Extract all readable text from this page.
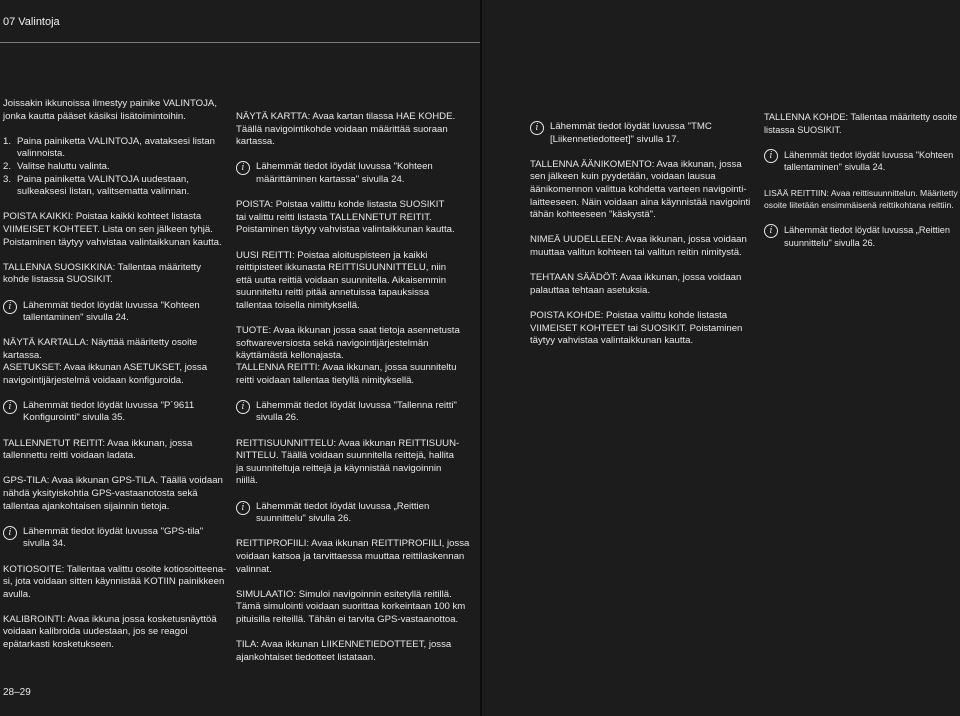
07 Valintoja

Joissakin ikkunoissa ilmestyy painike VALINTOJA,
jonka kautta pääset käsiksi lisätoimintoihin.

1. Paina painiketta VALINTOJA, avataksesi listan
valinnoista.
2. Valitse haluttu valinta.
3. Paina painiketta VALINTOJA uudestaan,
sulkeaksesi listan, valitsematta valinnan.

POISTA KAIKKI: Poistaa kaikki kohteet listasta
VIIMEISET KOHTEET. Lista on sen jälkeen tyhjä.
Poistaminen täytyy vahvistaa valintaikkunan kautta.

TALLENNA SUOSIKKINA: Tallentaa määritetty
kohde listassa SUOSIKIT.

i	Lähemmät tiedot löydät luvussa "Kohteen
tallentaminen" sivulla 24.

NÄYTÄ KARTALLA: Näyttää määritetty osoite
kartassa.

ASETUKSET: Avaa ikkunan ASETUKSET, jossa
navigointijärjestelmä voidaan konfiguroida.

i	Lähemmät tiedot löydät luvussa "P´9611
Konfigurointi" sivulla 35.

TALLENNETUT REITIT: Avaa ikkunan, jossa
tallennettu reitti voidaan ladata.

GPS-TILA: Avaa ikkunan GPS-TILA. Täällä voidaan
nähdä yksityiskohtia GPS-vastaanotosta sekä
tallentaa ajankohtaisen sijainnin tietoja.

i	Lähemmät tiedot löydät luvussa "GPS-tila"
sivulla 34.

KOTIOSOITE: Tallentaa valittu osoite kotiosoitteena-
si, jota voidaan sitten käynnistää KOTIIN painikkeen
avulla.

KALIBROINTI: Avaa ikkuna jossa kosketusnäyttöä
voidaan kalibroida uudestaan, jos se reagoi
epätarkasti kosketukseen.

NÄYTÄ KARTTA: Avaa kartan tilassa HAE KOHDE.
Täällä navigointikohde voidaan määrittää suoraan
kartassa.

i	Lähemmät tiedot löydät luvussa "Kohteen
määrittäminen kartassa" sivulla 24.

POISTA: Poistaa valittu kohde listasta SUOSIKIT
tai valittu reitti listasta TALLENNETUT REITIT.
Poistaminen täytyy vahvistaa valintaikkunan kautta.

UUSI REITTI: Poistaa aloituspisteen ja kaikki
reittipisteet ikkunasta REITTISUUNNITTELU, niin
että uutta reittiä voidaan suunnitella. Aikaisemmin
suunniteltu reitti pitää annetuissa tapauksissa
tallentaa toisella nimityksellä.

TUOTE: Avaa ikkunan jossa saat tietoja asennetusta
softwareversiosta sekä navigointijärjestelmän
käyttämästä kellonajasta.

TALLENNA REITTI: Avaa ikkunan, jossa suunniteltu
reitti voidaan tallentaa tietyllä nimityksellä.

i	Lähemmät tiedot löydät luvussa "Tallenna reitti"
sivulla 26.

REITTISUUNNITTELU: Avaa ikkunan REITTISUUN-
NITTELU. Täällä voidaan suunnitella reittejä, hallita
ja suunniteltuja reittejä ja käynnistää navigoinnin
niillä.

i	Lähemmät tiedot löydät luvussa „Reittien
suunnittelu" sivulla 26.

REITTIPROFIILI: Avaa ikkunan REITTIPROFIILI, jossa
voidaan katsoa ja tarvittaessa muuttaa reittilaskennan
valinnat.

SIMULAATIO: Simuloi navigoinnin esitetyllä reitillä.
Tämä simulointi voidaan suorittaa korkeintaan 100 km
pituisilla reiteillä. Tähän ei tarvita GPS-vastaanottoa.

TILA: Avaa ikkunan LIIKENNETIEDOTTEET, jossa
ajankohtaiset tiedotteet listataan.

28–29
i	Lähemmät tiedot löydät luvussa "TMC
[Liikennetiedotteet]" sivulla 17.

TALLENNA ÄÄNIKOMENTO: Avaa ikkunan, jossa
sen jälkeen kuin pyydetään, voidaan lausua
äänikomennon valittua kohdetta varteen navigointi-
laitteeseen. Näin voidaan aina käynnistää navigointi
tähän kohteeseen "käskystä".

NIMEÄ UUDELLEEN: Avaa ikkunan, jossa voidaan
muuttaa valitun kohteen tai valitun reitin nimitystä.

TEHTAAN SÄÄDÖT: Avaa ikkunan, jossa voidaan
palauttaa tehtaan asetuksia.

POISTA KOHDE: Poistaa valittu kohde listasta
VIIMEISET KOHTEET tai SUOSIKIT. Poistaminen
täytyy vahvistaa valintaikkunan kautta.

TALLENNA KOHDE: Tallentaa määritetty osoite
listassa SUOSIKIT.

i	Lähemmät tiedot löydät luvussa "Kohteen
tallentaminen" sivulla 24.

LISÄÄ REITTIIN: Avaa reittisuunnittelun. Määritetty
osoite liitetään ensimmäisenä reittikohtana reittiin.

i	Lähemmät tiedot löydät luvussa „Reittien
suunnittelu" sivulla 26.
